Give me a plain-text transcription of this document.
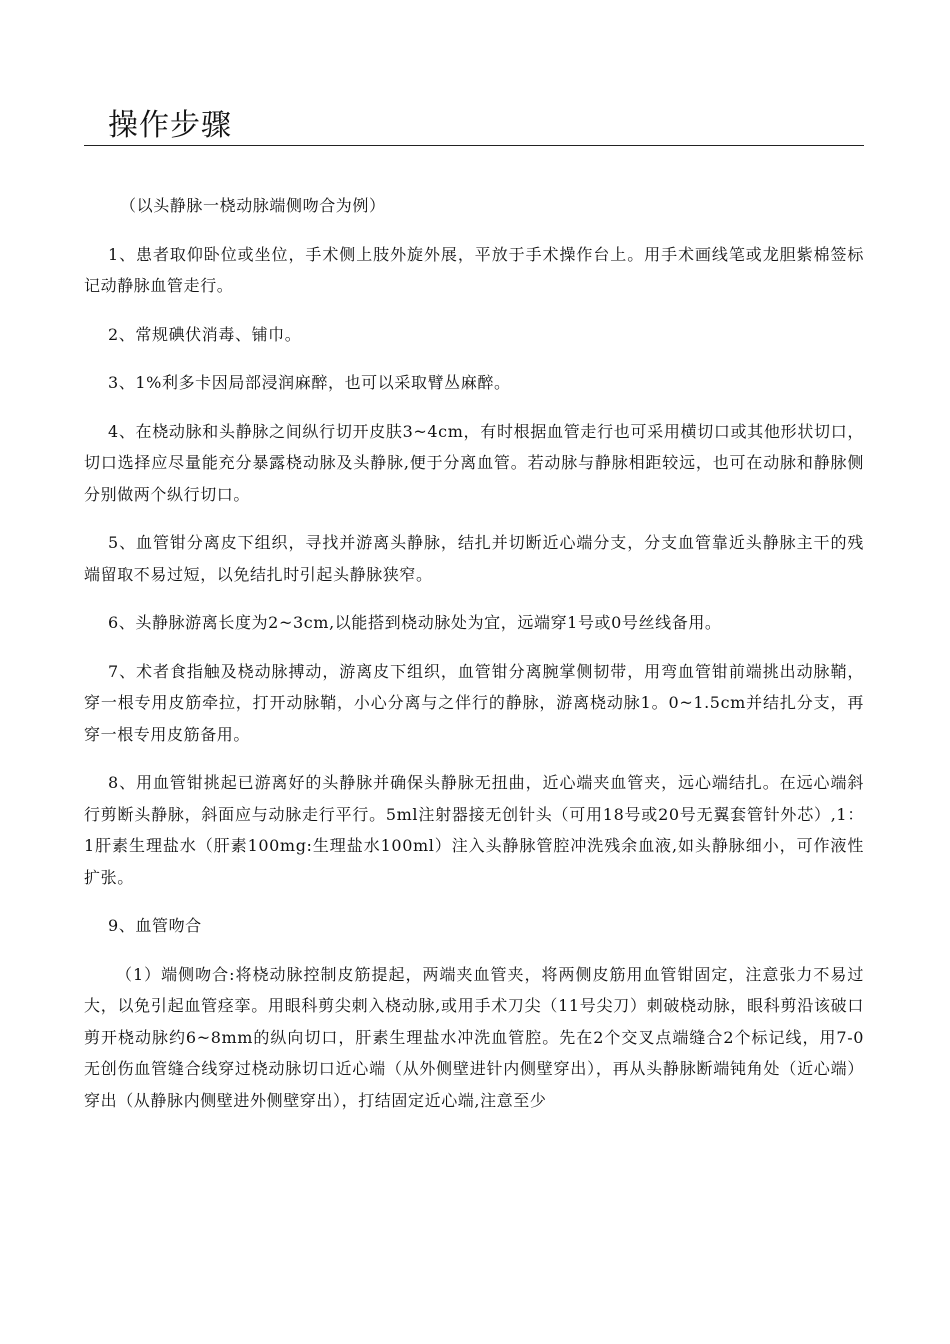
操作步骤

（以头静脉一桡动脉端侧吻合为例）

1、患者取仰卧位或坐位，手术侧上肢外旋外展，平放于手术操作台上。用手术画线笔或龙胆紫棉签标记动静脉血管走行。

2、常规碘伏消毒、铺巾。

3、1%利多卡因局部浸润麻醉，也可以采取臂丛麻醉。

4、在桡动脉和头静脉之间纵行切开皮肤3~4cm，有时根据血管走行也可采用横切口或其他形状切口，切口选择应尽量能充分暴露桡动脉及头静脉,便于分离血管。若动脉与静脉相距较远，也可在动脉和静脉侧分别做两个纵行切口。

5、血管钳分离皮下组织，寻找并游离头静脉，结扎并切断近心端分支，分支血管靠近头静脉主干的残端留取不易过短，以免结扎时引起头静脉狭窄。

6、头静脉游离长度为2~3cm,以能搭到桡动脉处为宜，远端穿1号或0号丝线备用。

7、术者食指触及桡动脉搏动，游离皮下组织，血管钳分离腕掌侧韧带，用弯血管钳前端挑出动脉鞘，穿一根专用皮筋牵拉，打开动脉鞘，小心分离与之伴行的静脉，游离桡动脉1。0~1.5cm并结扎分支，再穿一根专用皮筋备用。

8、用血管钳挑起已游离好的头静脉并确保头静脉无扭曲，近心端夹血管夹，远心端结扎。在远心端斜行剪断头静脉，斜面应与动脉走行平行。5ml注射器接无创针头（可用18号或20号无翼套管针外芯）,1：1肝素生理盐水（肝素100mg:生理盐水100ml）注入头静脉管腔冲洗残余血液,如头静脉细小，可作液性扩张。

9、血管吻合

（1）端侧吻合:将桡动脉控制皮筋提起，两端夹血管夹，将两侧皮筋用血管钳固定，注意张力不易过大，以免引起血管痉挛。用眼科剪尖刺入桡动脉,或用手术刀尖（11号尖刀）刺破桡动脉，眼科剪沿该破口剪开桡动脉约6~8mm的纵向切口，肝素生理盐水冲洗血管腔。先在2个交叉点端缝合2个标记线，用7-0无创伤血管缝合线穿过桡动脉切口近心端（从外侧壁进针内侧壁穿出），再从头静脉断端钝角处（近心端）穿出（从静脉内侧壁进外侧壁穿出），打结固定近心端,注意至少
